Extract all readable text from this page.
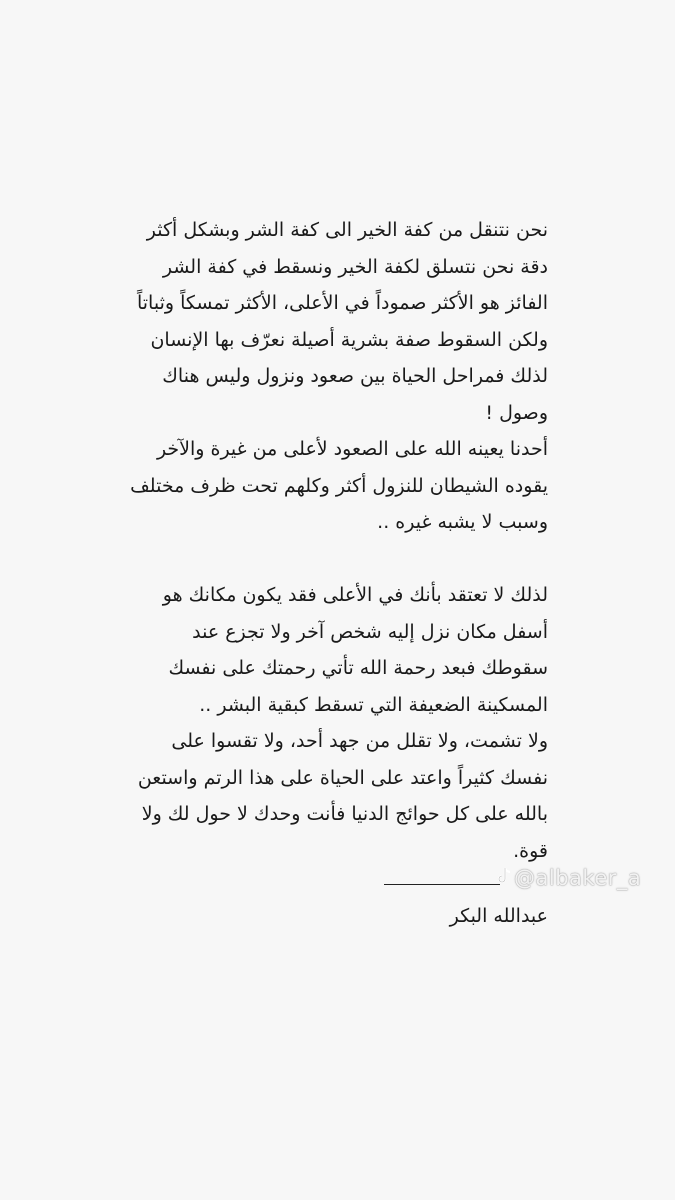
نحن نتنقل من كفة الخير الى كفة الشر وبشكل أكثر
دقة نحن نتسلق لكفة الخير ونسقط في كفة الشر
الفائز هو الأكثر صموداً في الأعلى، الأكثر تمسكاً وثباتاً
ولكن السقوط صفة بشرية أصيلة نعرّف بها الإنسان
لذلك فمراحل الحياة بين صعود ونزول وليس هناك
وصول !
أحدنا يعينه الله على الصعود لأعلى من غيرة والآخر
يقوده الشيطان للنزول أكثر وكلهم تحت ظرف مختلف
وسبب لا يشبه غيره ..
لذلك لا تعتقد بأنك في الأعلى فقد يكون مكانك هو
أسفل مكان نزل إليه شخص آخر ولا تجزع عند
سقوطك فبعد رحمة الله تأتي رحمتك على نفسك
المسكينة الضعيفة التي تسقط كبقية البشر ..
ولا تشمت، ولا تقلل من جهد أحد، ولا تقسوا على
نفسك كثيراً واعتد على الحياة على هذا الرتم واستعن
بالله على كل حوائج الدنيا فأنت وحدك لا حول لك ولا
قوة.
@albaker_a
عبدالله البكر
